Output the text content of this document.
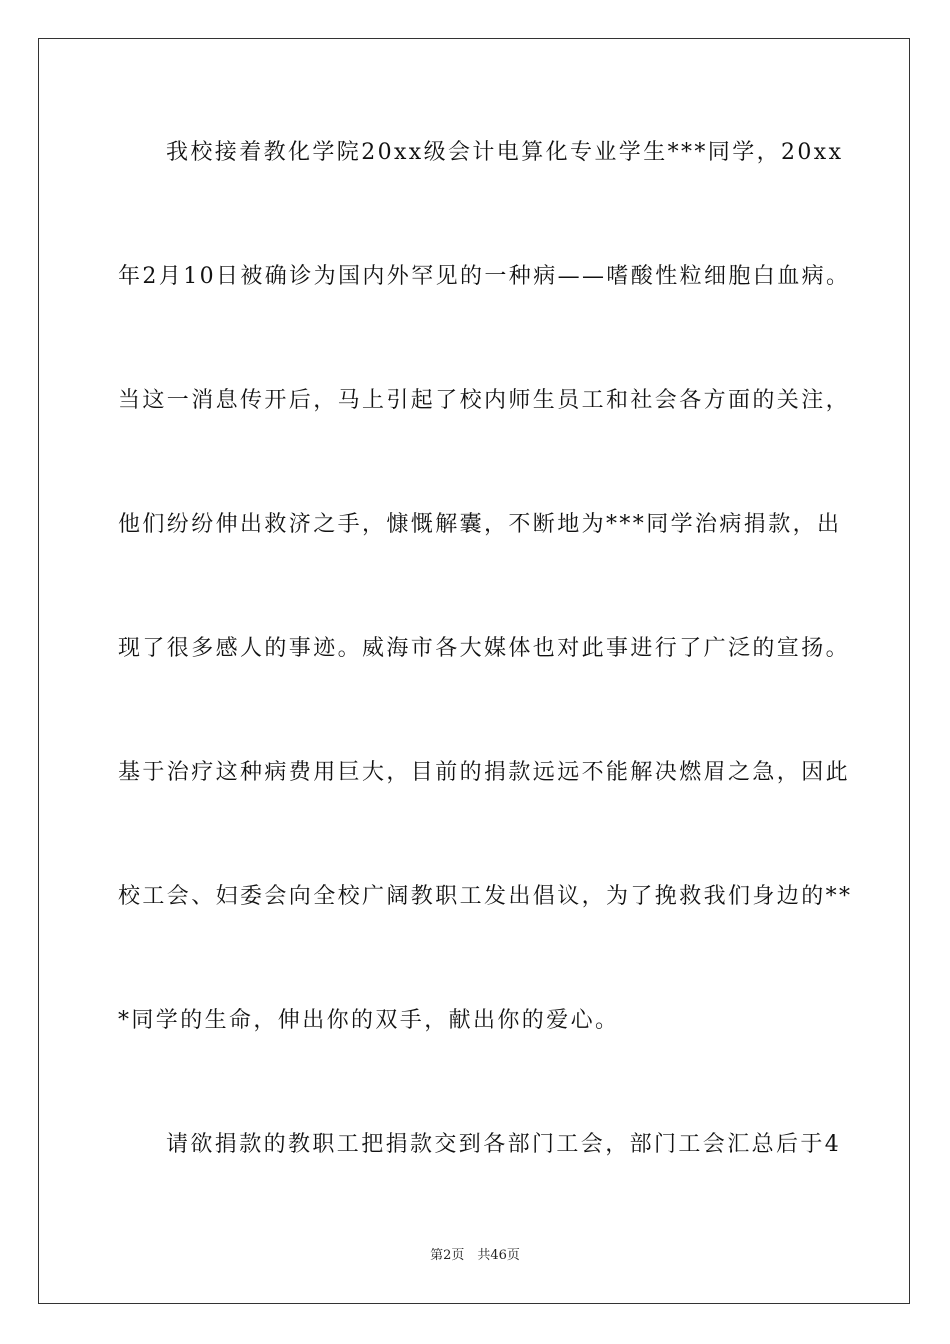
我校接着教化学院20xx级会计电算化专业学生***同学，20xx
年2月10日被确诊为国内外罕见的一种病——嗜酸性粒细胞白血病。
当这一消息传开后，马上引起了校内师生员工和社会各方面的关注，
他们纷纷伸出救济之手，慷慨解囊，不断地为***同学治病捐款，出
现了很多感人的事迹。威海市各大媒体也对此事进行了广泛的宣扬。
基于治疗这种病费用巨大，目前的捐款远远不能解决燃眉之急，因此
校工会、妇委会向全校广阔教职工发出倡议，为了挽救我们身边的**
*同学的生命，伸出你的双手，献出你的爱心。
请欲捐款的教职工把捐款交到各部门工会，部门工会汇总后于4
第2页　共46页
